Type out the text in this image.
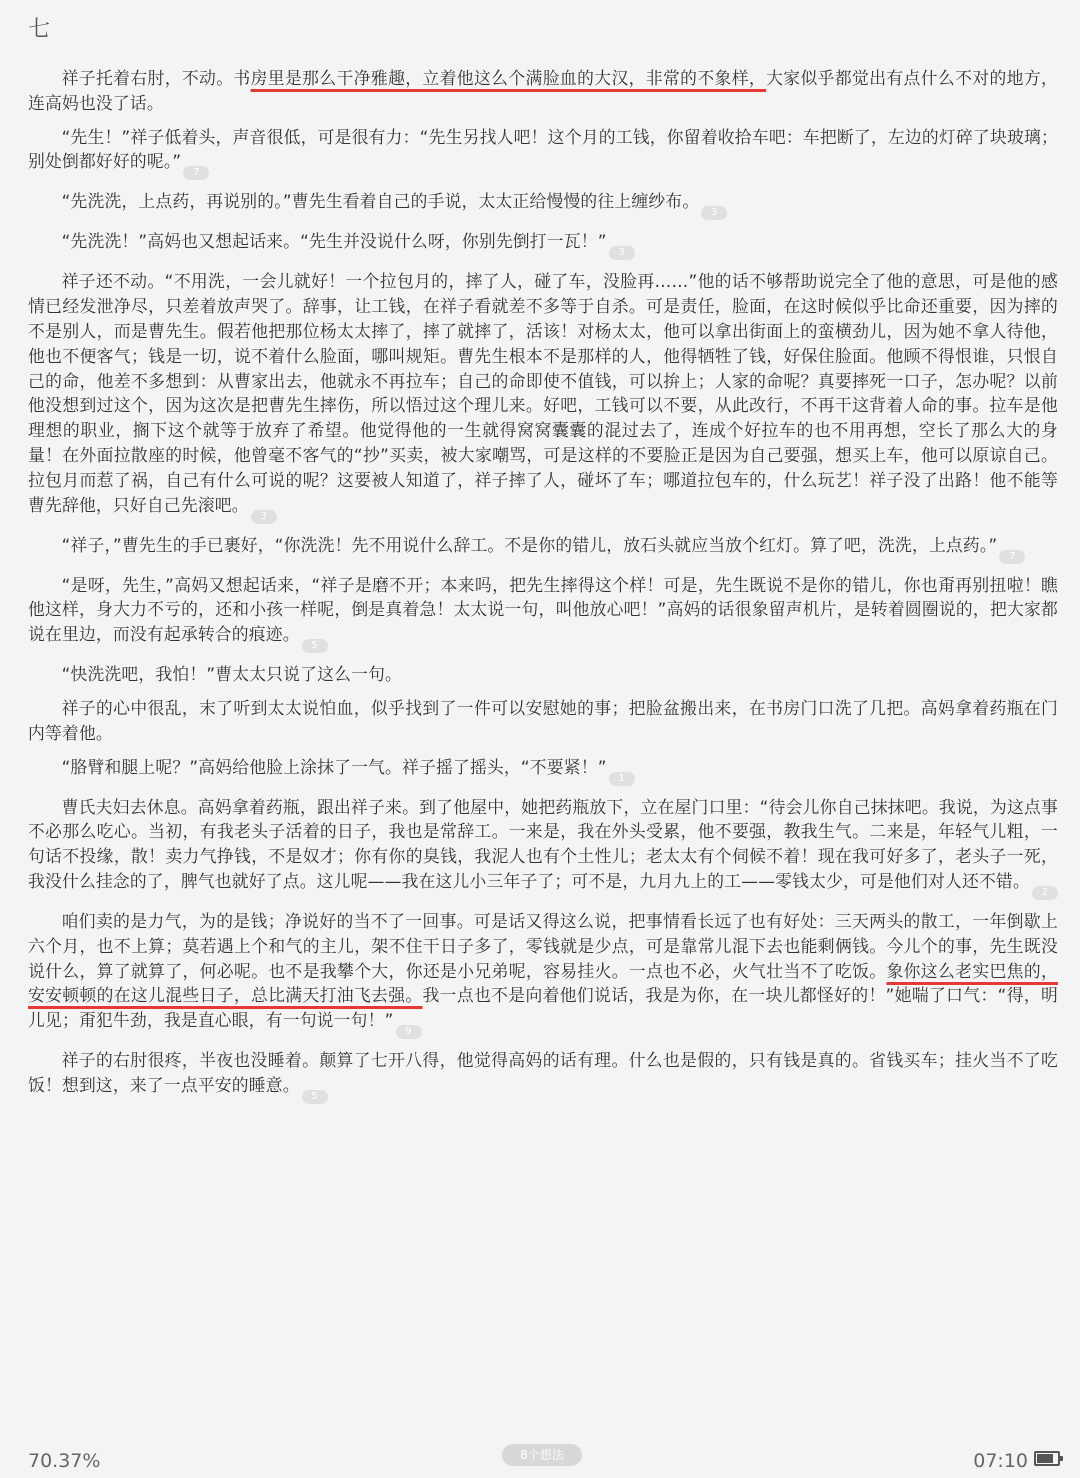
七

祥子托着右肘，不动。书房里是那么干净雅趣，立着他这么个满脸血的大汉，非常的不象样，大家似乎都觉出有点什么不对的地方，连高妈也没了话。

“先生！”祥子低着头，声音很低，可是很有力：“先生另找人吧！这个月的工钱，你留着收拾车吧：车把断了，左边的灯碎了块玻璃；别处倒都好好的呢。”7

“先洗洗，上点药，再说别的。”曹先生看着自己的手说，太太正给慢慢的往上缠纱布。3

“先洗洗！”高妈也又想起话来。“先生并没说什么呀，你别先倒打一瓦！”3

祥子还不动。“不用洗，一会儿就好！一个拉包月的，摔了人，碰了车，没脸再……”他的话不够帮助说完全了他的意思，可是他的感情已经发泄净尽，只差着放声哭了。辞事，让工钱，在祥子看就差不多等于自杀。可是责任，脸面，在这时候似乎比命还重要，因为摔的不是别人，而是曹先生。假若他把那位杨太太摔了，摔了就摔了，活该！对杨太太，他可以拿出街面上的蛮横劲儿，因为她不拿人待他，他也不便客气；钱是一切，说不着什么脸面，哪叫规矩。曹先生根本不是那样的人，他得牺牲了钱，好保住脸面。他顾不得恨谁，只恨自己的命，他差不多想到：从曹家出去，他就永不再拉车；自己的命即使不值钱，可以拚上；人家的命呢？真要摔死一口子，怎办呢？以前他没想到过这个，因为这次是把曹先生摔伤，所以悟过这个理儿来。好吧，工钱可以不要，从此改行，不再干这背着人命的事。拉车是他理想的职业，搁下这个就等于放弃了希望。他觉得他的一生就得窝窝囊囊的混过去了，连成个好拉车的也不用再想，空长了那么大的身量！在外面拉散座的时候，他曾毫不客气的“抄”买卖，被大家嘲骂，可是这样的不要脸正是因为自己要强，想买上车，他可以原谅自己。拉包月而惹了祸，自己有什么可说的呢？这要被人知道了，祥子摔了人，碰坏了车；哪道拉包车的，什么玩艺！祥子没了出路！他不能等曹先辞他，只好自己先滚吧。3

“祥子，”曹先生的手已裹好，“你洗洗！先不用说什么辞工。不是你的错儿，放石头就应当放个红灯。算了吧，洗洗，上点药。”7

“是呀，先生，”高妈又想起话来，“祥子是磨不开；本来吗，把先生摔得这个样！可是，先生既说不是你的错儿，你也甭再别扭啦！瞧他这样，身大力不亏的，还和小孩一样呢，倒是真着急！太太说一句，叫他放心吧！”高妈的话很象留声机片，是转着圆圈说的，把大家都说在里边，而没有起承转合的痕迹。5

“快洗洗吧，我怕！”曹太太只说了这么一句。

祥子的心中很乱，末了听到太太说怕血，似乎找到了一件可以安慰她的事；把脸盆搬出来，在书房门口洗了几把。高妈拿着药瓶在门内等着他。

“胳臂和腿上呢？”高妈给他脸上涂抹了一气。祥子摇了摇头，“不要紧！”1

曹氏夫妇去休息。高妈拿着药瓶，跟出祥子来。到了他屋中，她把药瓶放下，立在屋门口里：“待会儿你自己抹抹吧。我说，为这点事不必那么吃心。当初，有我老头子活着的日子，我也是常辞工。一来是，我在外头受累，他不要强，教我生气。二来是，年轻气儿粗，一句话不投缘，散！卖力气挣钱，不是奴才；你有你的臭钱，我泥人也有个土性儿；老太太有个伺候不着！现在我可好多了，老头子一死，我没什么挂念的了，脾气也就好了点。这儿呢——我在这儿小三年子了；可不是，九月九上的工——零钱太少，可是他们对人还不错。2

咱们卖的是力气，为的是钱；净说好的当不了一回事。可是话又得这么说，把事情看长远了也有好处：三天两头的散工，一年倒歇上六个月，也不上算；莫若遇上个和气的主儿，架不住干日子多了，零钱就是少点，可是靠常儿混下去也能剩俩钱。今儿个的事，先生既没说什么，算了就算了，何必呢。也不是我攀个大，你还是小兄弟呢，容易挂火。一点也不必，火气壮当不了吃饭。象你这么老实巴焦的，安安顿顿的在这儿混些日子，总比满天打油飞去强。我一点也不是向着他们说话，我是为你，在一块儿都怪好的！”她喘了口气：“得，明儿见；甭犯牛劲，我是直心眼，有一句说一句！”9

祥子的右肘很疼，半夜也没睡着。颠算了七开八得，他觉得高妈的话有理。什么也是假的，只有钱是真的。省钱买车；挂火当不了吃饭！想到这，来了一点平安的睡意。5

70.37%	8个想法	07:10
